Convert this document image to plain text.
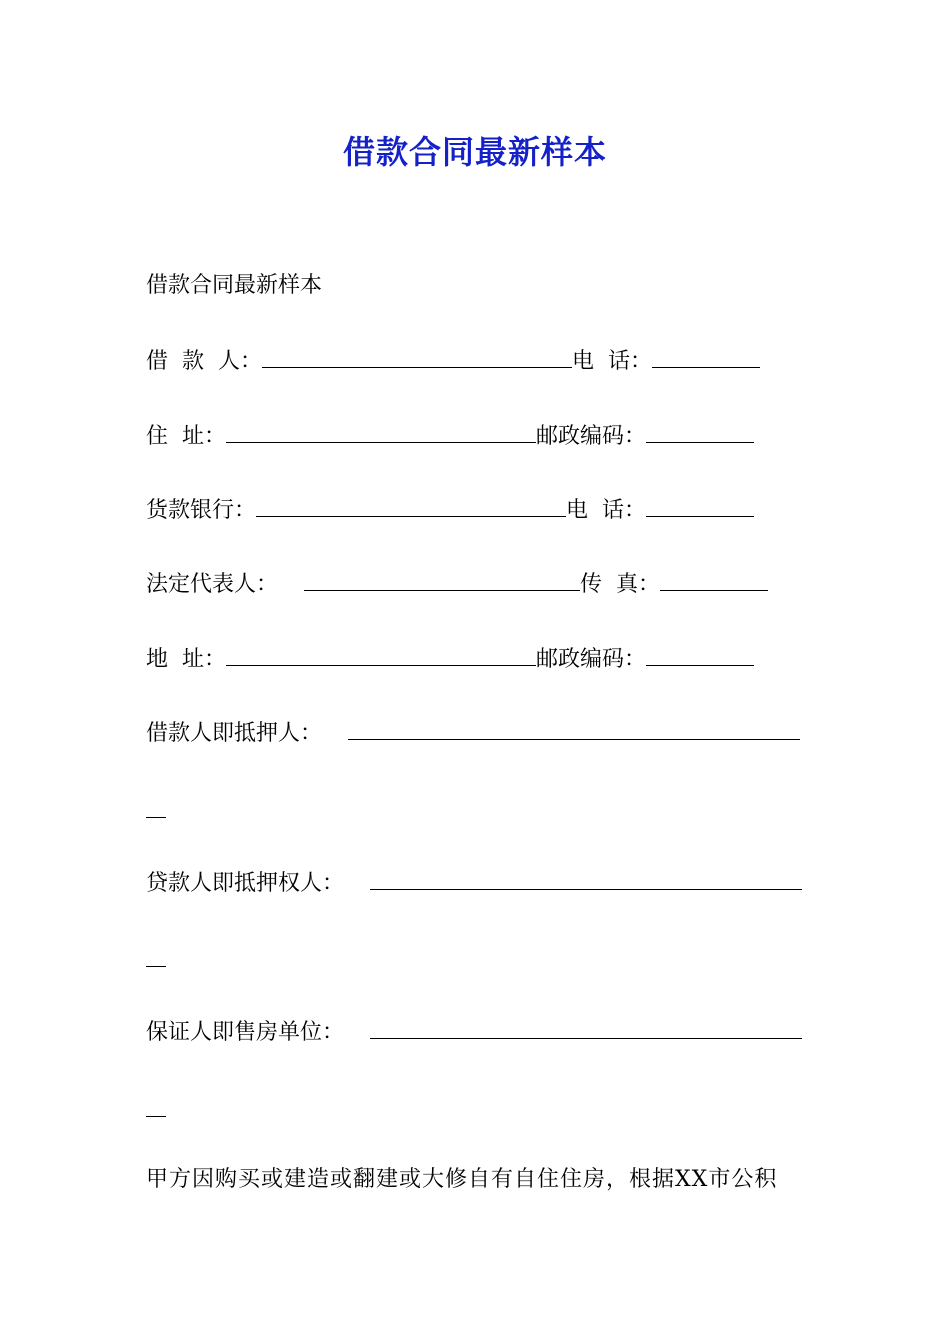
借款合同最新样本
借款合同最新样本
借  款  人：	电  话：
住  址：	邮政编码：
货款银行：	电  话：
法定代表人：	传  真：
地  址：	邮政编码：
借款人即抵押人：
贷款人即抵押权人：
保证人即售房单位：
甲方因购买或建造或翻建或大修自有自住住房，根据XX市公积
